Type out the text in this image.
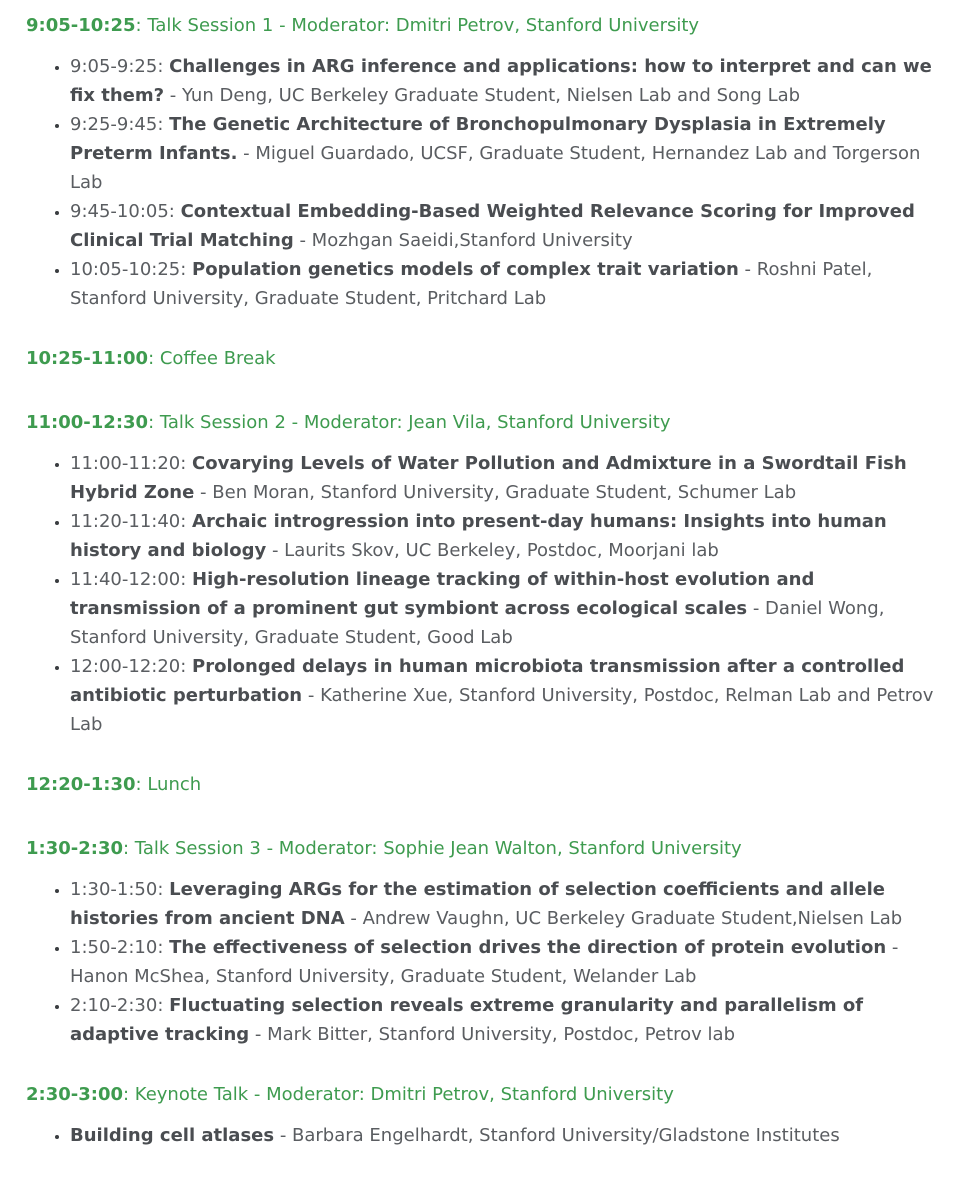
9:05-10:25: Talk Session 1 - Moderator: Dmitri Petrov, Stanford University

• 9:05-9:25: Challenges in ARG inference and applications: how to interpret and can we fix them? - Yun Deng, UC Berkeley Graduate Student, Nielsen Lab and Song Lab
• 9:25-9:45: The Genetic Architecture of Bronchopulmonary Dysplasia in Extremely Preterm Infants. - Miguel Guardado, UCSF, Graduate Student, Hernandez Lab and Torgerson Lab
• 9:45-10:05: Contextual Embedding-Based Weighted Relevance Scoring for Improved Clinical Trial Matching - Mozhgan Saeidi,Stanford University
• 10:05-10:25: Population genetics models of complex trait variation - Roshni Patel, Stanford University, Graduate Student, Pritchard Lab

10:25-11:00: Coffee Break

11:00-12:30: Talk Session 2 - Moderator: Jean Vila, Stanford University

• 11:00-11:20: Covarying Levels of Water Pollution and Admixture in a Swordtail Fish Hybrid Zone - Ben Moran, Stanford University, Graduate Student, Schumer Lab
• 11:20-11:40: Archaic introgression into present-day humans: Insights into human history and biology - Laurits Skov, UC Berkeley, Postdoc, Moorjani lab
• 11:40-12:00: High-resolution lineage tracking of within-host evolution and transmission of a prominent gut symbiont across ecological scales - Daniel Wong, Stanford University, Graduate Student, Good Lab
• 12:00-12:20: Prolonged delays in human microbiota transmission after a controlled antibiotic perturbation - Katherine Xue, Stanford University, Postdoc, Relman Lab and Petrov Lab

12:20-1:30: Lunch

1:30-2:30: Talk Session 3 - Moderator: Sophie Jean Walton, Stanford University

• 1:30-1:50: Leveraging ARGs for the estimation of selection coefficients and allele histories from ancient DNA - Andrew Vaughn, UC Berkeley Graduate Student,Nielsen Lab
• 1:50-2:10: The effectiveness of selection drives the direction of protein evolution - Hanon McShea, Stanford University, Graduate Student, Welander Lab
• 2:10-2:30: Fluctuating selection reveals extreme granularity and parallelism of adaptive tracking - Mark Bitter, Stanford University, Postdoc, Petrov lab

2:30-3:00: Keynote Talk - Moderator: Dmitri Petrov, Stanford University

• Building cell atlases - Barbara Engelhardt, Stanford University/Gladstone Institutes
